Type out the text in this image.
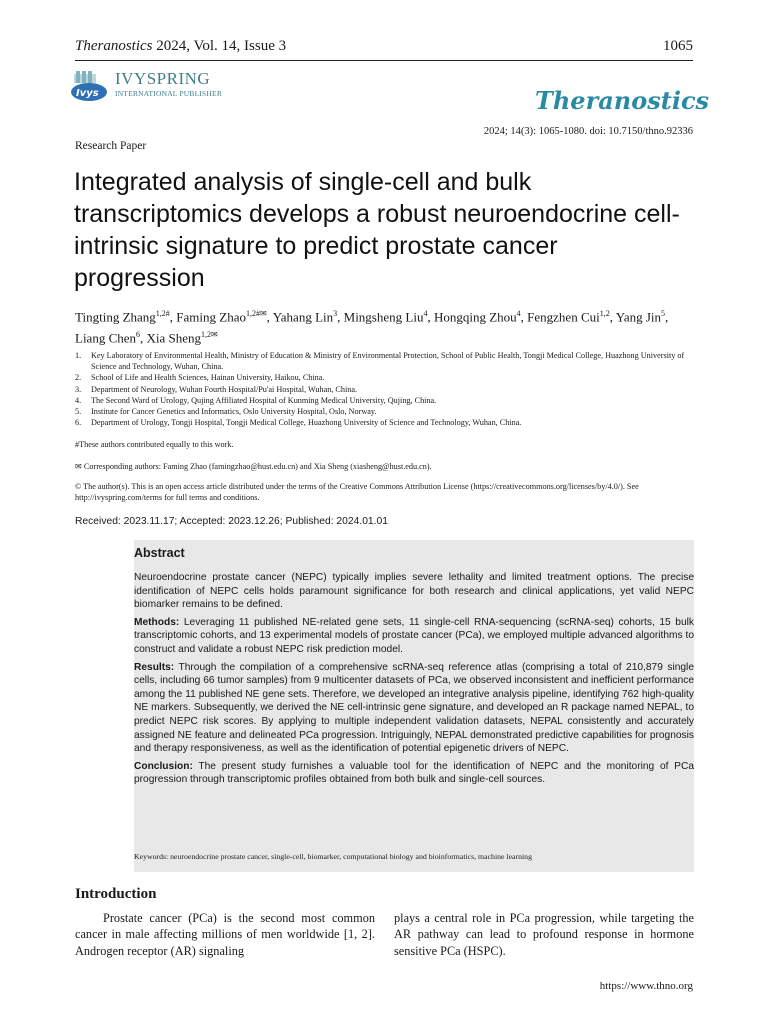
Theranostics 2024, Vol. 14, Issue 3	1065
Ivys
IVYSPRING
INTERNATIONAL PUBLISHER	Theranostics
2024; 14(3): 1065-1080. doi: 10.7150/thno.92336
Research Paper
Integrated analysis of single-cell and bulk transcriptomics develops a robust neuroendocrine cell-intrinsic signature to predict prostate cancer progression
Tingting Zhang$^{1,2\#}$, Faming Zhao$^{1,2\#✉}$, Yahang Lin$^3$, Mingsheng Liu$^4$, Hongqing Zhou$^4$, Fengzhen Cui$^{1,2}$, Yang Jin$^5$, Liang Chen$^6$, Xia Sheng$^{1,2✉}$
1.	Key Laboratory of Environmental Health, Ministry of Education & Ministry of Environmental Protection, School of Public Health, Tongji Medical College, Huazhong University of Science and Technology, Wuhan, China.
2.	School of Life and Health Sciences, Hainan University, Haikou, China.
3.	Department of Neurology, Wuhan Fourth Hospital/Pu'ai Hospital, Wuhan, China.
4.	The Second Ward of Urology, Qujing Affiliated Hospital of Kunming Medical University, Qujing, China.
5.	Institute for Cancer Genetics and Informatics, Oslo University Hospital, Oslo, Norway.
6.	Department of Urology, Tongji Hospital, Tongji Medical College, Huazhong University of Science and Technology, Wuhan, China.
#These authors contributed equally to this work.
✉ Corresponding authors: Faming Zhao (famingzhao@hust.edu.cn) and Xia Sheng (xiasheng@hust.edu.cn).
© The author(s). This is an open access article distributed under the terms of the Creative Commons Attribution License (https://creativecommons.org/licenses/by/4.0/). See http://ivyspring.com/terms for full terms and conditions.
Received: 2023.11.17; Accepted: 2023.12.26; Published: 2024.01.01
Abstract

Neuroendocrine prostate cancer (NEPC) typically implies severe lethality and limited treatment options. The precise identification of NEPC cells holds paramount significance for both research and clinical applications, yet valid NEPC biomarker remains to be defined.

Methods: Leveraging 11 published NE-related gene sets, 11 single-cell RNA-sequencing (scRNA-seq) cohorts, 15 bulk transcriptomic cohorts, and 13 experimental models of prostate cancer (PCa), we employed multiple advanced algorithms to construct and validate a robust NEPC risk prediction model.

Results: Through the compilation of a comprehensive scRNA-seq reference atlas (comprising a total of 210,879 single cells, including 66 tumor samples) from 9 multicenter datasets of PCa, we observed inconsistent and inefficient performance among the 11 published NE gene sets. Therefore, we developed an integrative analysis pipeline, identifying 762 high-quality NE markers. Subsequently, we derived the NE cell-intrinsic gene signature, and developed an R package named NEPAL, to predict NEPC risk scores. By applying to multiple independent validation datasets, NEPAL consistently and accurately assigned NE feature and delineated PCa progression. Intriguingly, NEPAL demonstrated predictive capabilities for prognosis and therapy responsiveness, as well as the identification of potential epigenetic drivers of NEPC.

Conclusion: The present study furnishes a valuable tool for the identification of NEPC and the monitoring of PCa progression through transcriptomic profiles obtained from both bulk and single-cell sources.

Keywords: neuroendocrine prostate cancer, single-cell, biomarker, computational biology and bioinformatics, machine learning
Introduction
Prostate cancer (PCa) is the second most common cancer in male affecting millions of men worldwide [1, 2]. Androgen receptor (AR) signaling
plays a central role in PCa progression, while targeting the AR pathway can lead to profound response in hormone sensitive PCa (HSPC).
https://www.thno.org
